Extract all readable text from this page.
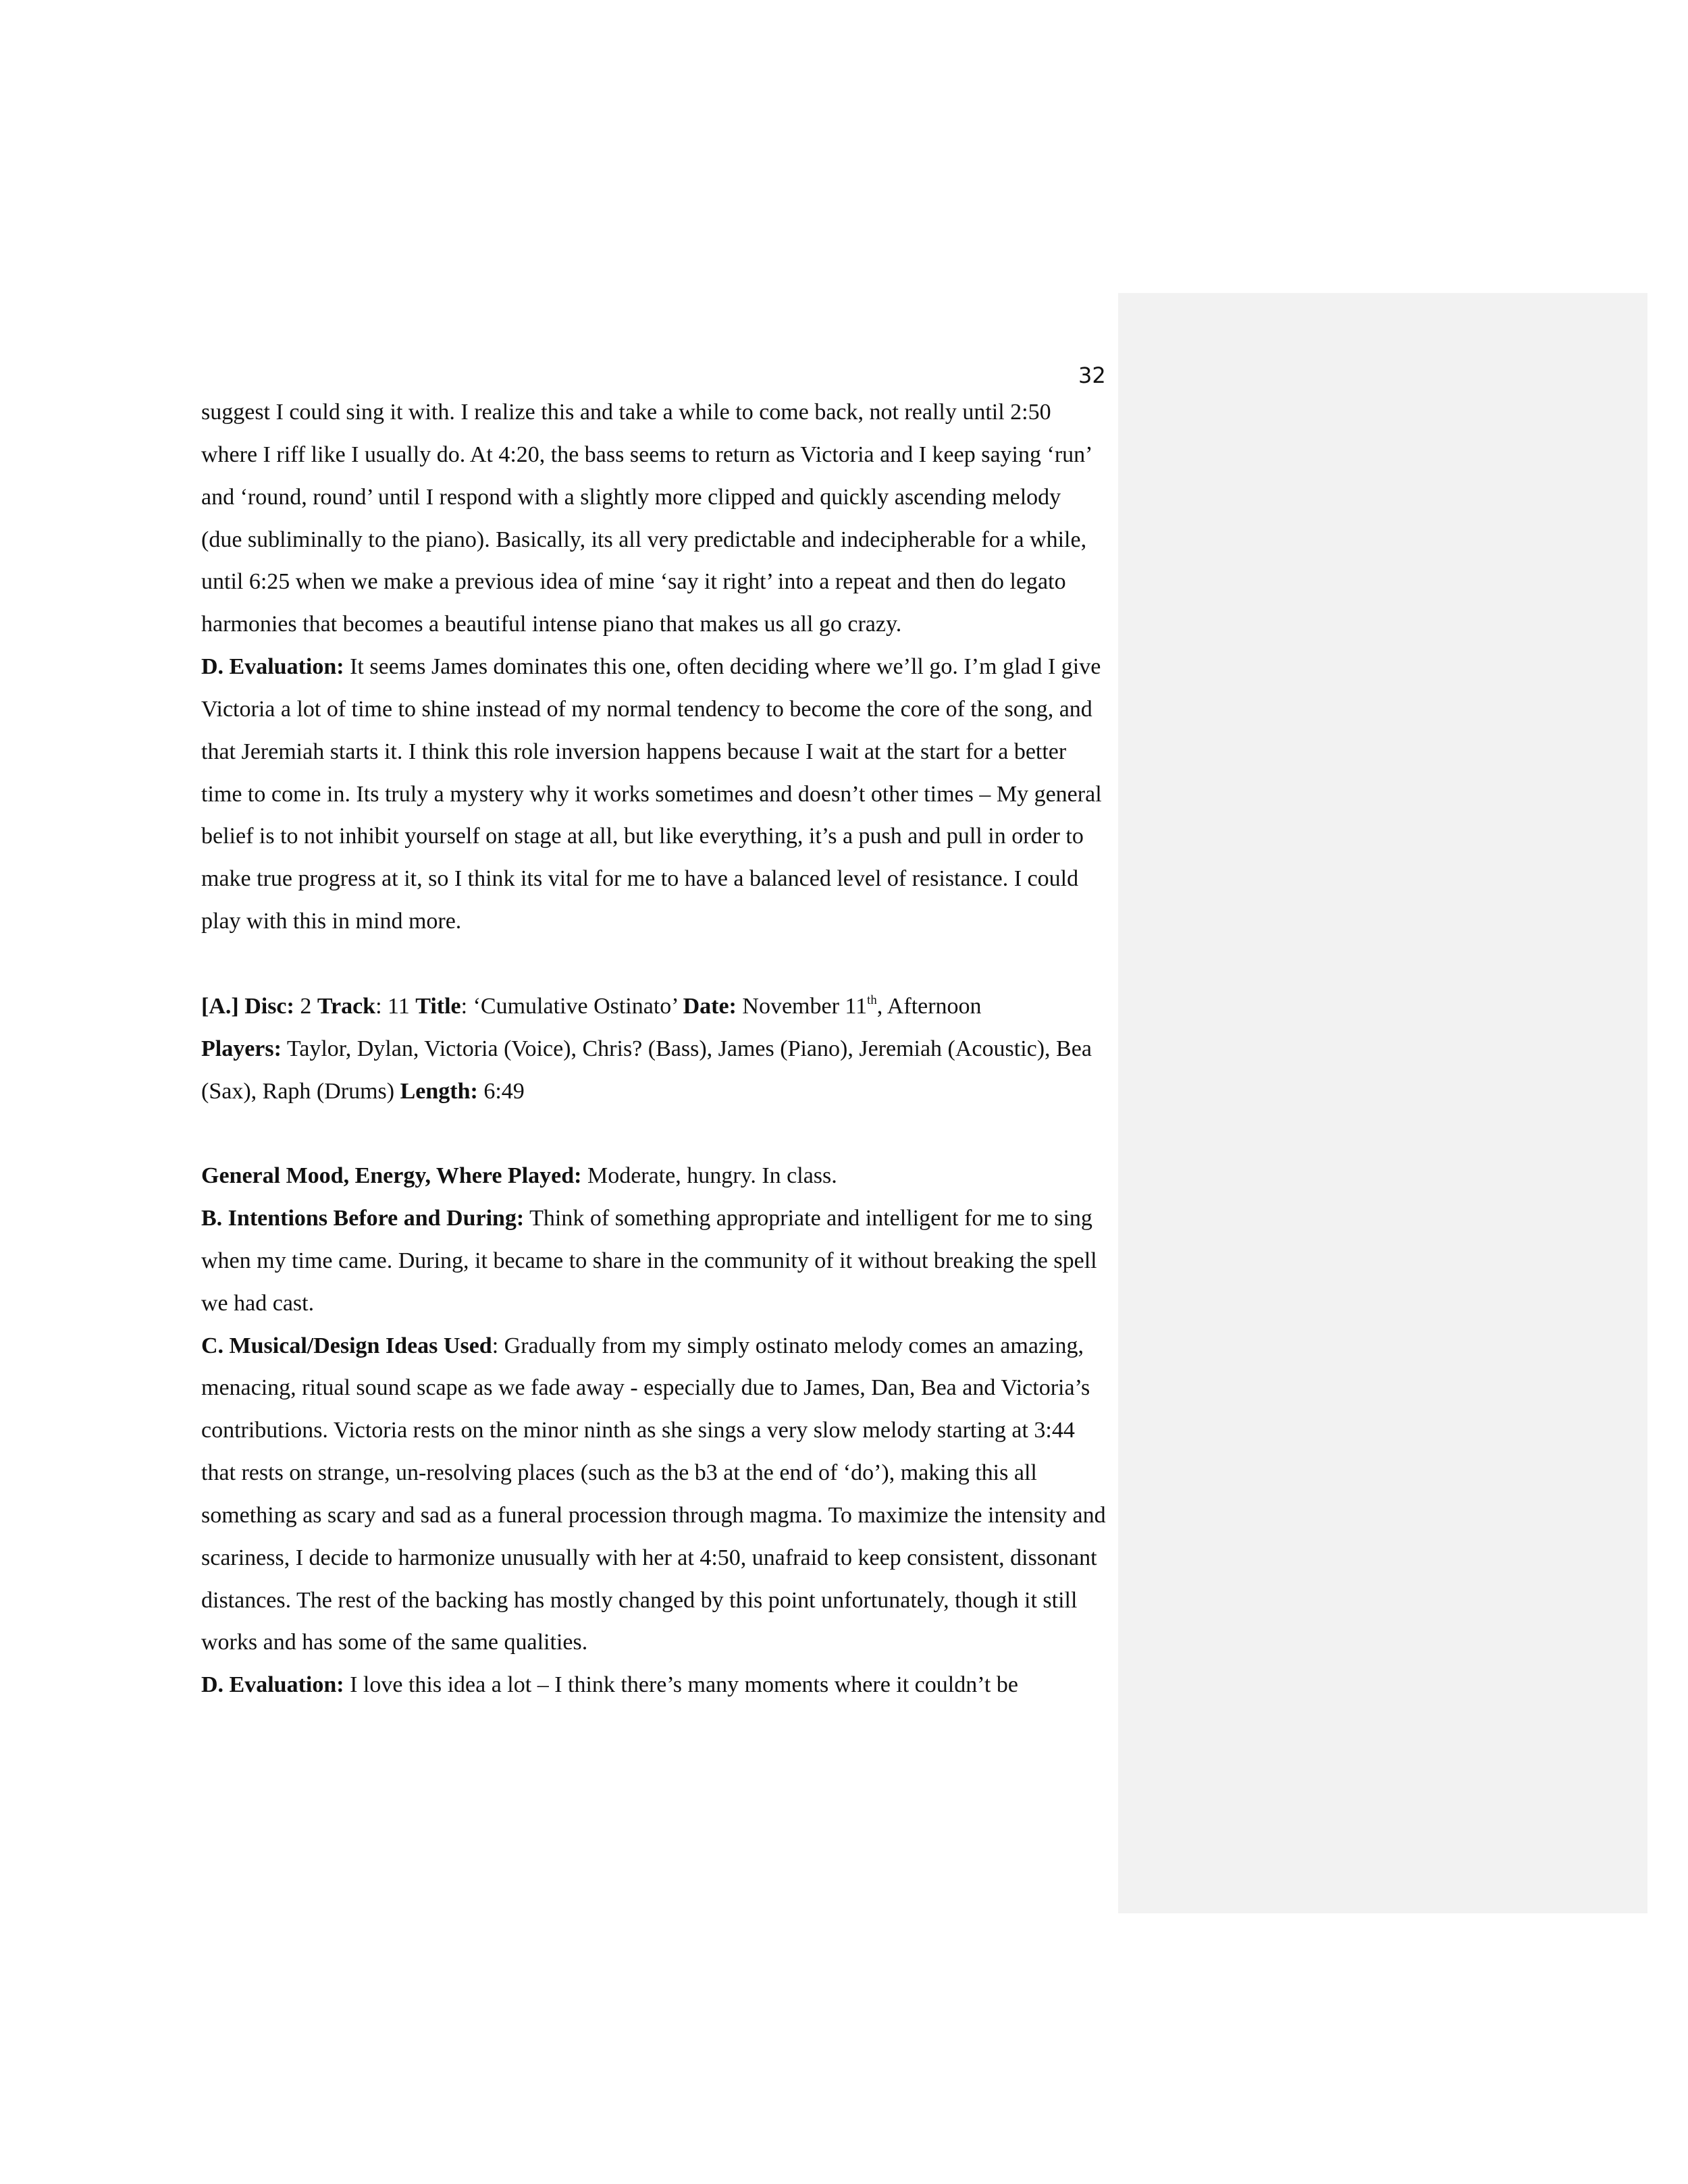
32

suggest I could sing it with. I realize this and take a while to come back, not really until 2:50 where I riff like I usually do. At 4:20, the bass seems to return as Victoria and I keep saying ‘run’ and ‘round, round’ until I respond with a slightly more clipped and quickly ascending melody (due subliminally to the piano). Basically, its all very predictable and indecipherable for a while, until 6:25 when we make a previous idea of mine ‘say it right’ into a repeat and then do legato harmonies that becomes a beautiful intense piano that makes us all go crazy.

D. Evaluation: It seems James dominates this one, often deciding where we’ll go. I’m glad I give Victoria a lot of time to shine instead of my normal tendency to become the core of the song, and that Jeremiah starts it. I think this role inversion happens because I wait at the start for a better time to come in. Its truly a mystery why it works sometimes and doesn’t other times – My general belief is to not inhibit yourself on stage at all, but like everything, it’s a push and pull in order to make true progress at it, so I think its vital for me to have a balanced level of resistance. I could play with this in mind more.

[A.] Disc: 2 Track: 11 Title: ‘Cumulative Ostinato’ Date: November 11th, Afternoon
Players: Taylor, Dylan, Victoria (Voice), Chris? (Bass), James (Piano), Jeremiah (Acoustic), Bea (Sax), Raph (Drums) Length: 6:49

General Mood, Energy, Where Played: Moderate, hungry. In class.

B. Intentions Before and During: Think of something appropriate and intelligent for me to sing when my time came. During, it became to share in the community of it without breaking the spell we had cast.

C. Musical/Design Ideas Used: Gradually from my simply ostinato melody comes an amazing, menacing, ritual sound scape as we fade away - especially due to James, Dan, Bea and Victoria’s contributions. Victoria rests on the minor ninth as she sings a very slow melody starting at 3:44 that rests on strange, un-resolving places (such as the b3 at the end of ‘do’), making this all something as scary and sad as a funeral procession through magma. To maximize the intensity and scariness, I decide to harmonize unusually with her at 4:50, unafraid to keep consistent, dissonant distances. The rest of the backing has mostly changed by this point unfortunately, though it still works and has some of the same qualities.

D. Evaluation: I love this idea a lot – I think there’s many moments where it couldn’t be
